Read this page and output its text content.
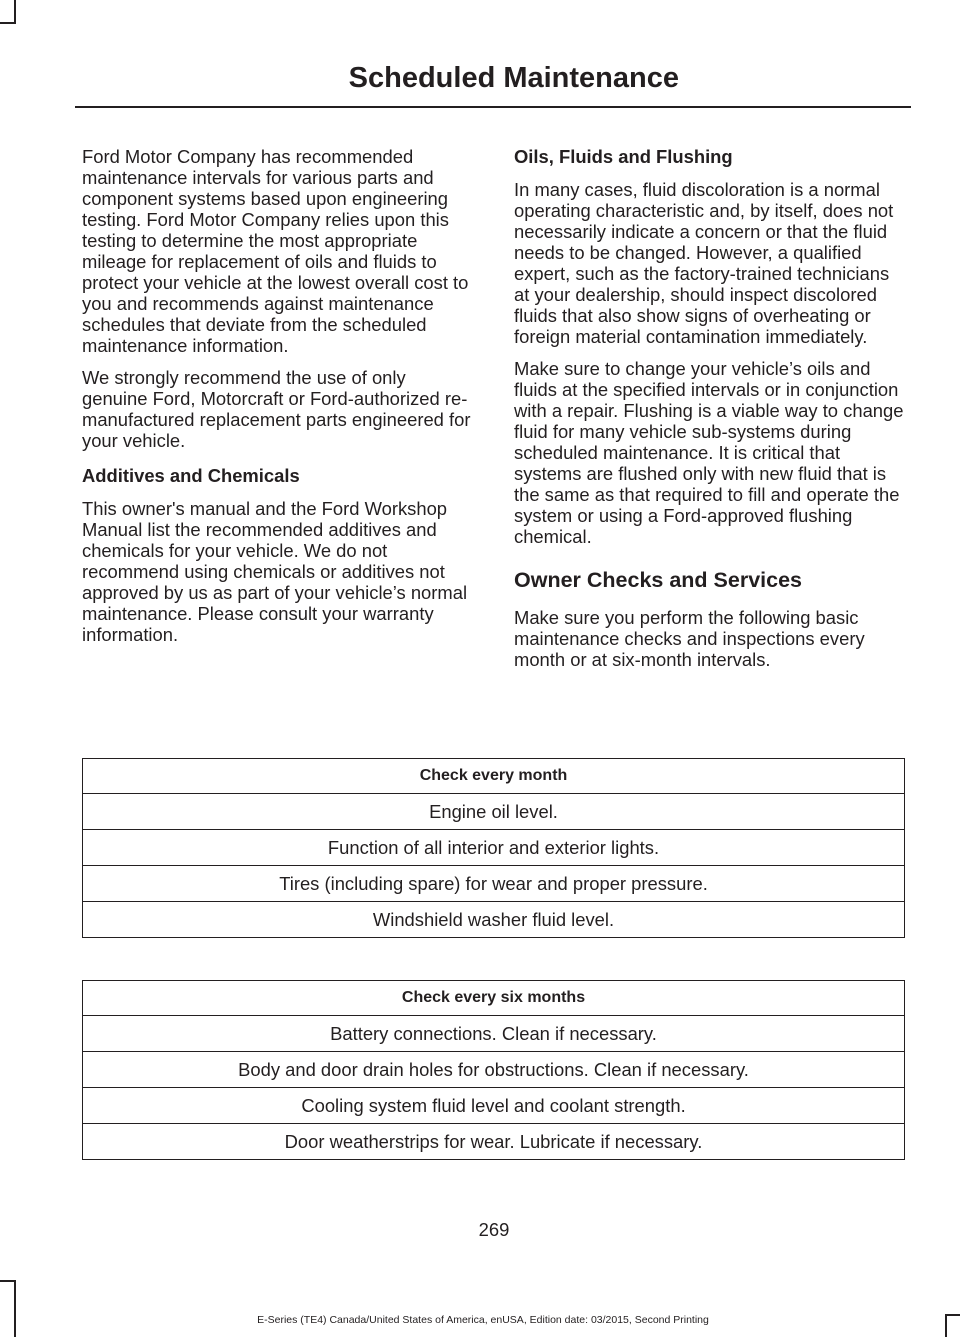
Scheduled Maintenance

Ford Motor Company has recommended maintenance intervals for various parts and component systems based upon engineering testing. Ford Motor Company relies upon this testing to determine the most appropriate mileage for replacement of oils and fluids to protect your vehicle at the lowest overall cost to you and recommends against maintenance schedules that deviate from the scheduled maintenance information.

We strongly recommend the use of only genuine Ford, Motorcraft or Ford-authorized re-manufactured replacement parts engineered for your vehicle.

Additives and Chemicals

This owner's manual and the Ford Workshop Manual list the recommended additives and chemicals for your vehicle. We do not recommend using chemicals or additives not approved by us as part of your vehicle’s normal maintenance. Please consult your warranty information.

Oils, Fluids and Flushing

In many cases, fluid discoloration is a normal operating characteristic and, by itself, does not necessarily indicate a concern or that the fluid needs to be changed. However, a qualified expert, such as the factory-trained technicians at your dealership, should inspect discolored fluids that also show signs of overheating or foreign material contamination immediately.

Make sure to change your vehicle’s oils and fluids at the specified intervals or in conjunction with a repair. Flushing is a viable way to change fluid for many vehicle sub-systems during scheduled maintenance. It is critical that systems are flushed only with new fluid that is the same as that required to fill and operate the system or using a Ford-approved flushing chemical.

Owner Checks and Services

Make sure you perform the following basic maintenance checks and inspections every month or at six-month intervals.

Check every month
Engine oil level.
Function of all interior and exterior lights.
Tires (including spare) for wear and proper pressure.
Windshield washer fluid level.
Check every six months
Battery connections. Clean if necessary.
Body and door drain holes for obstructions. Clean if necessary.
Cooling system fluid level and coolant strength.
Door weatherstrips for wear. Lubricate if necessary.
269
E-Series (TE4) Canada/United States of America, enUSA, Edition date: 03/2015, Second Printing
